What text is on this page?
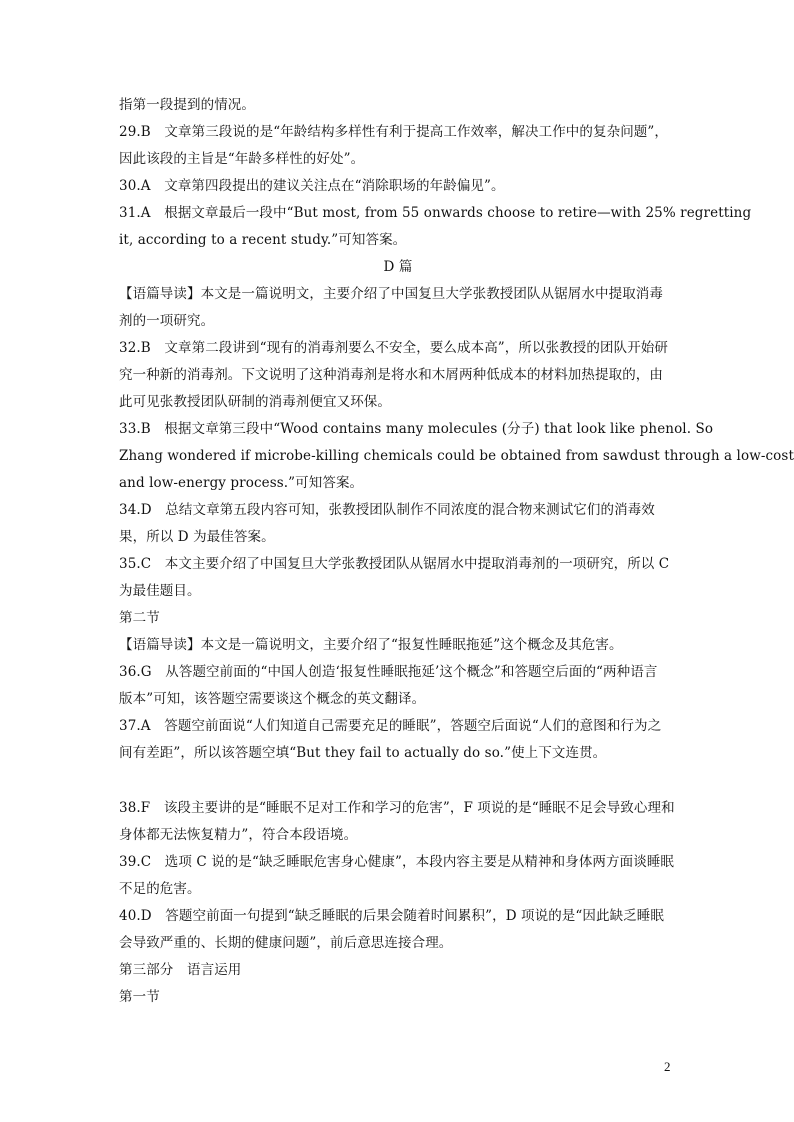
指第一段提到的情况。
29.B　文章第三段说的是“年龄结构多样性有利于提高工作效率，解决工作中的复杂问题”，
因此该段的主旨是“年龄多样性的好处”。
30.A　文章第四段提出的建议关注点在“消除职场的年龄偏见”。
31.A　根据文章最后一段中“But most, from 55 onwards choose to retire—with 25% regretting
it, according to a recent study.”可知答案。
D 篇
【语篇导读】本文是一篇说明文，主要介绍了中国复旦大学张教授团队从锯屑水中提取消毒
剂的一项研究。
32.B　文章第二段讲到“现有的消毒剂要么不安全，要么成本高”，所以张教授的团队开始研
究一种新的消毒剂。下文说明了这种消毒剂是将水和木屑两种低成本的材料加热提取的，由
此可见张教授团队研制的消毒剂便宜又环保。
33.B　根据文章第三段中“Wood contains many molecules (分子) that look like phenol. So
Zhang wondered if microbe-killing chemicals could be obtained from sawdust through a low-cost
and low-energy process.”可知答案。
34.D　总结文章第五段内容可知，张教授团队制作不同浓度的混合物来测试它们的消毒效
果，所以 D 为最佳答案。
35.C　本文主要介绍了中国复旦大学张教授团队从锯屑水中提取消毒剂的一项研究，所以 C
为最佳题目。
第二节
【语篇导读】本文是一篇说明文，主要介绍了“报复性睡眠拖延”这个概念及其危害。
36.G　从答题空前面的“中国人创造‘报复性睡眠拖延’这个概念”和答题空后面的“两种语言
版本”可知，该答题空需要谈这个概念的英文翻译。
37.A　答题空前面说“人们知道自己需要充足的睡眠”，答题空后面说“人们的意图和行为之
间有差距”，所以该答题空填“But they fail to actually do so.”使上下文连贯。
38.F　该段主要讲的是“睡眠不足对工作和学习的危害”，F 项说的是“睡眠不足会导致心理和
身体都无法恢复精力”，符合本段语境。
39.C　选项 C 说的是“缺乏睡眠危害身心健康”，本段内容主要是从精神和身体两方面谈睡眠
不足的危害。
40.D　答题空前面一句提到“缺乏睡眠的后果会随着时间累积”，D 项说的是“因此缺乏睡眠
会导致严重的、长期的健康问题”，前后意思连接合理。
第三部分　语言运用
第一节
2
